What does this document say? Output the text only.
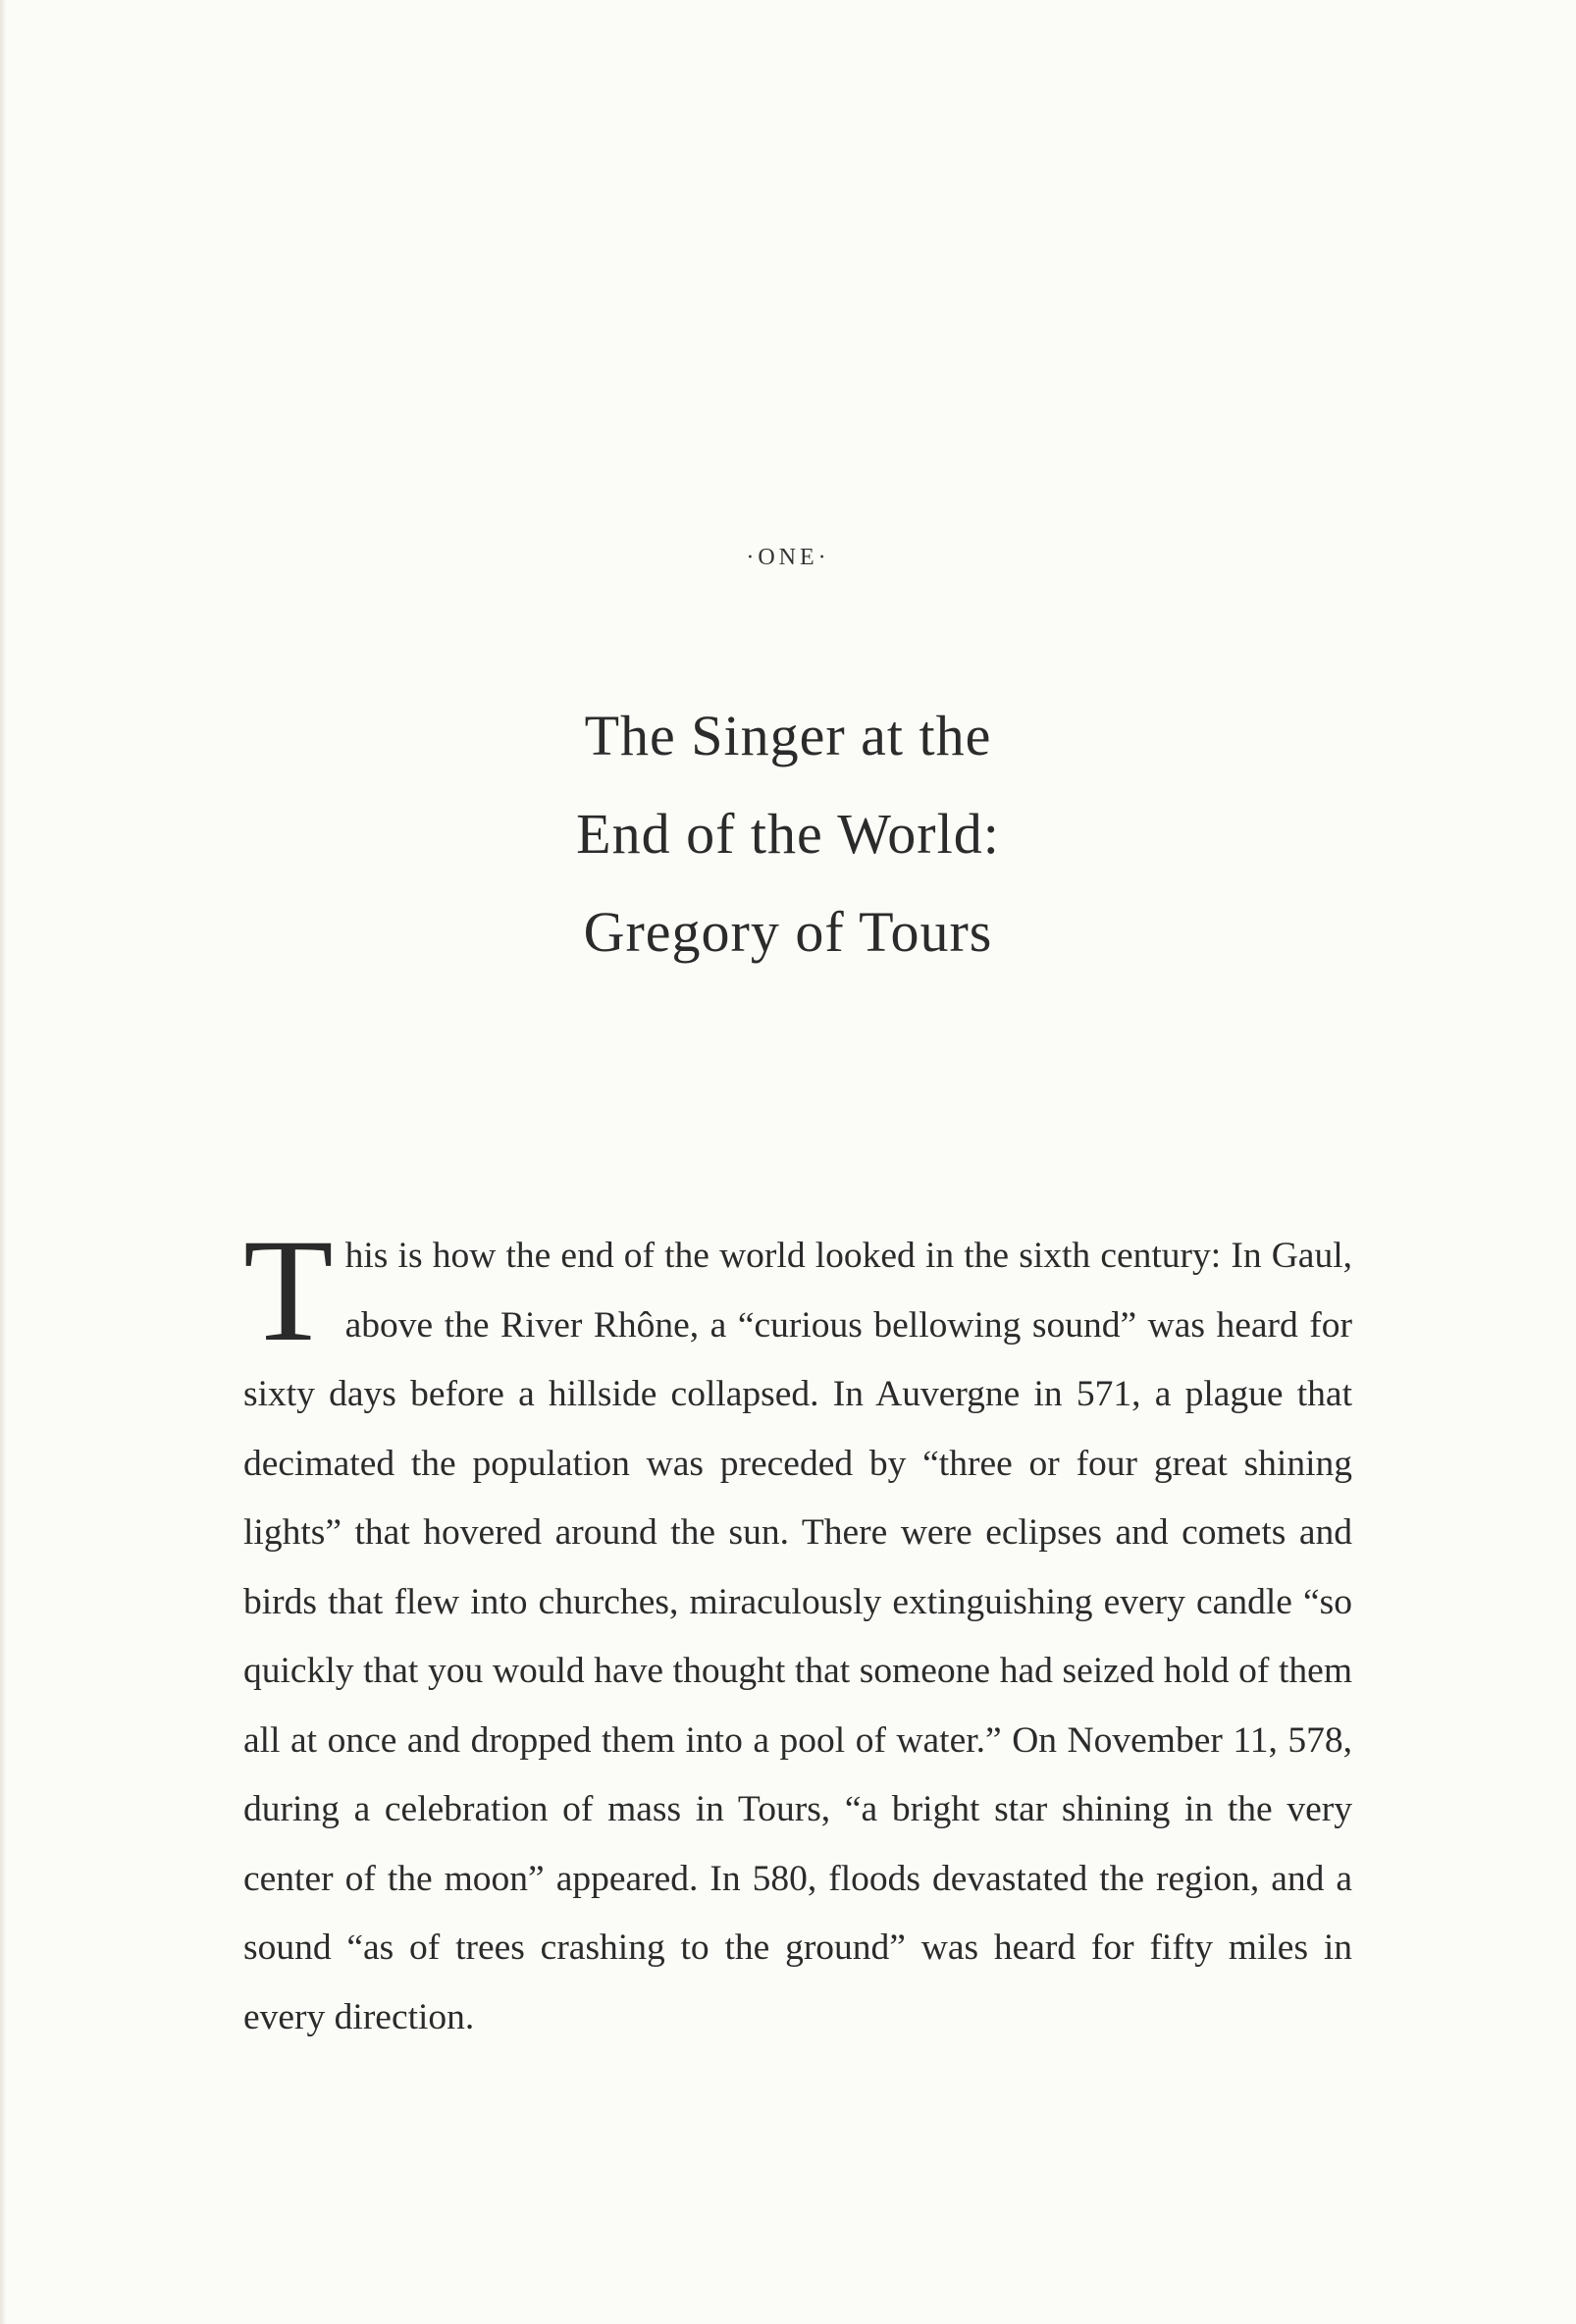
·ONE·
The Singer at the
End of the World:
Gregory of Tours

This is how the end of the world looked in the sixth century: In Gaul, above the River Rhône, a “curious bellowing sound” was heard for sixty days before a hillside collapsed. In Auvergne in 571, a plague that decimated the population was preceded by “three or four great shining lights” that hovered around the sun. There were eclipses and comets and birds that flew into churches, miraculously extinguishing every candle “so quickly that you would have thought that someone had seized hold of them all at once and dropped them into a pool of water.” On November 11, 578, during a celebration of mass in Tours, “a bright star shining in the very center of the moon” appeared. In 580, floods devastated the region, and a sound “as of trees crashing to the ground” was heard for fifty miles in every direction.
